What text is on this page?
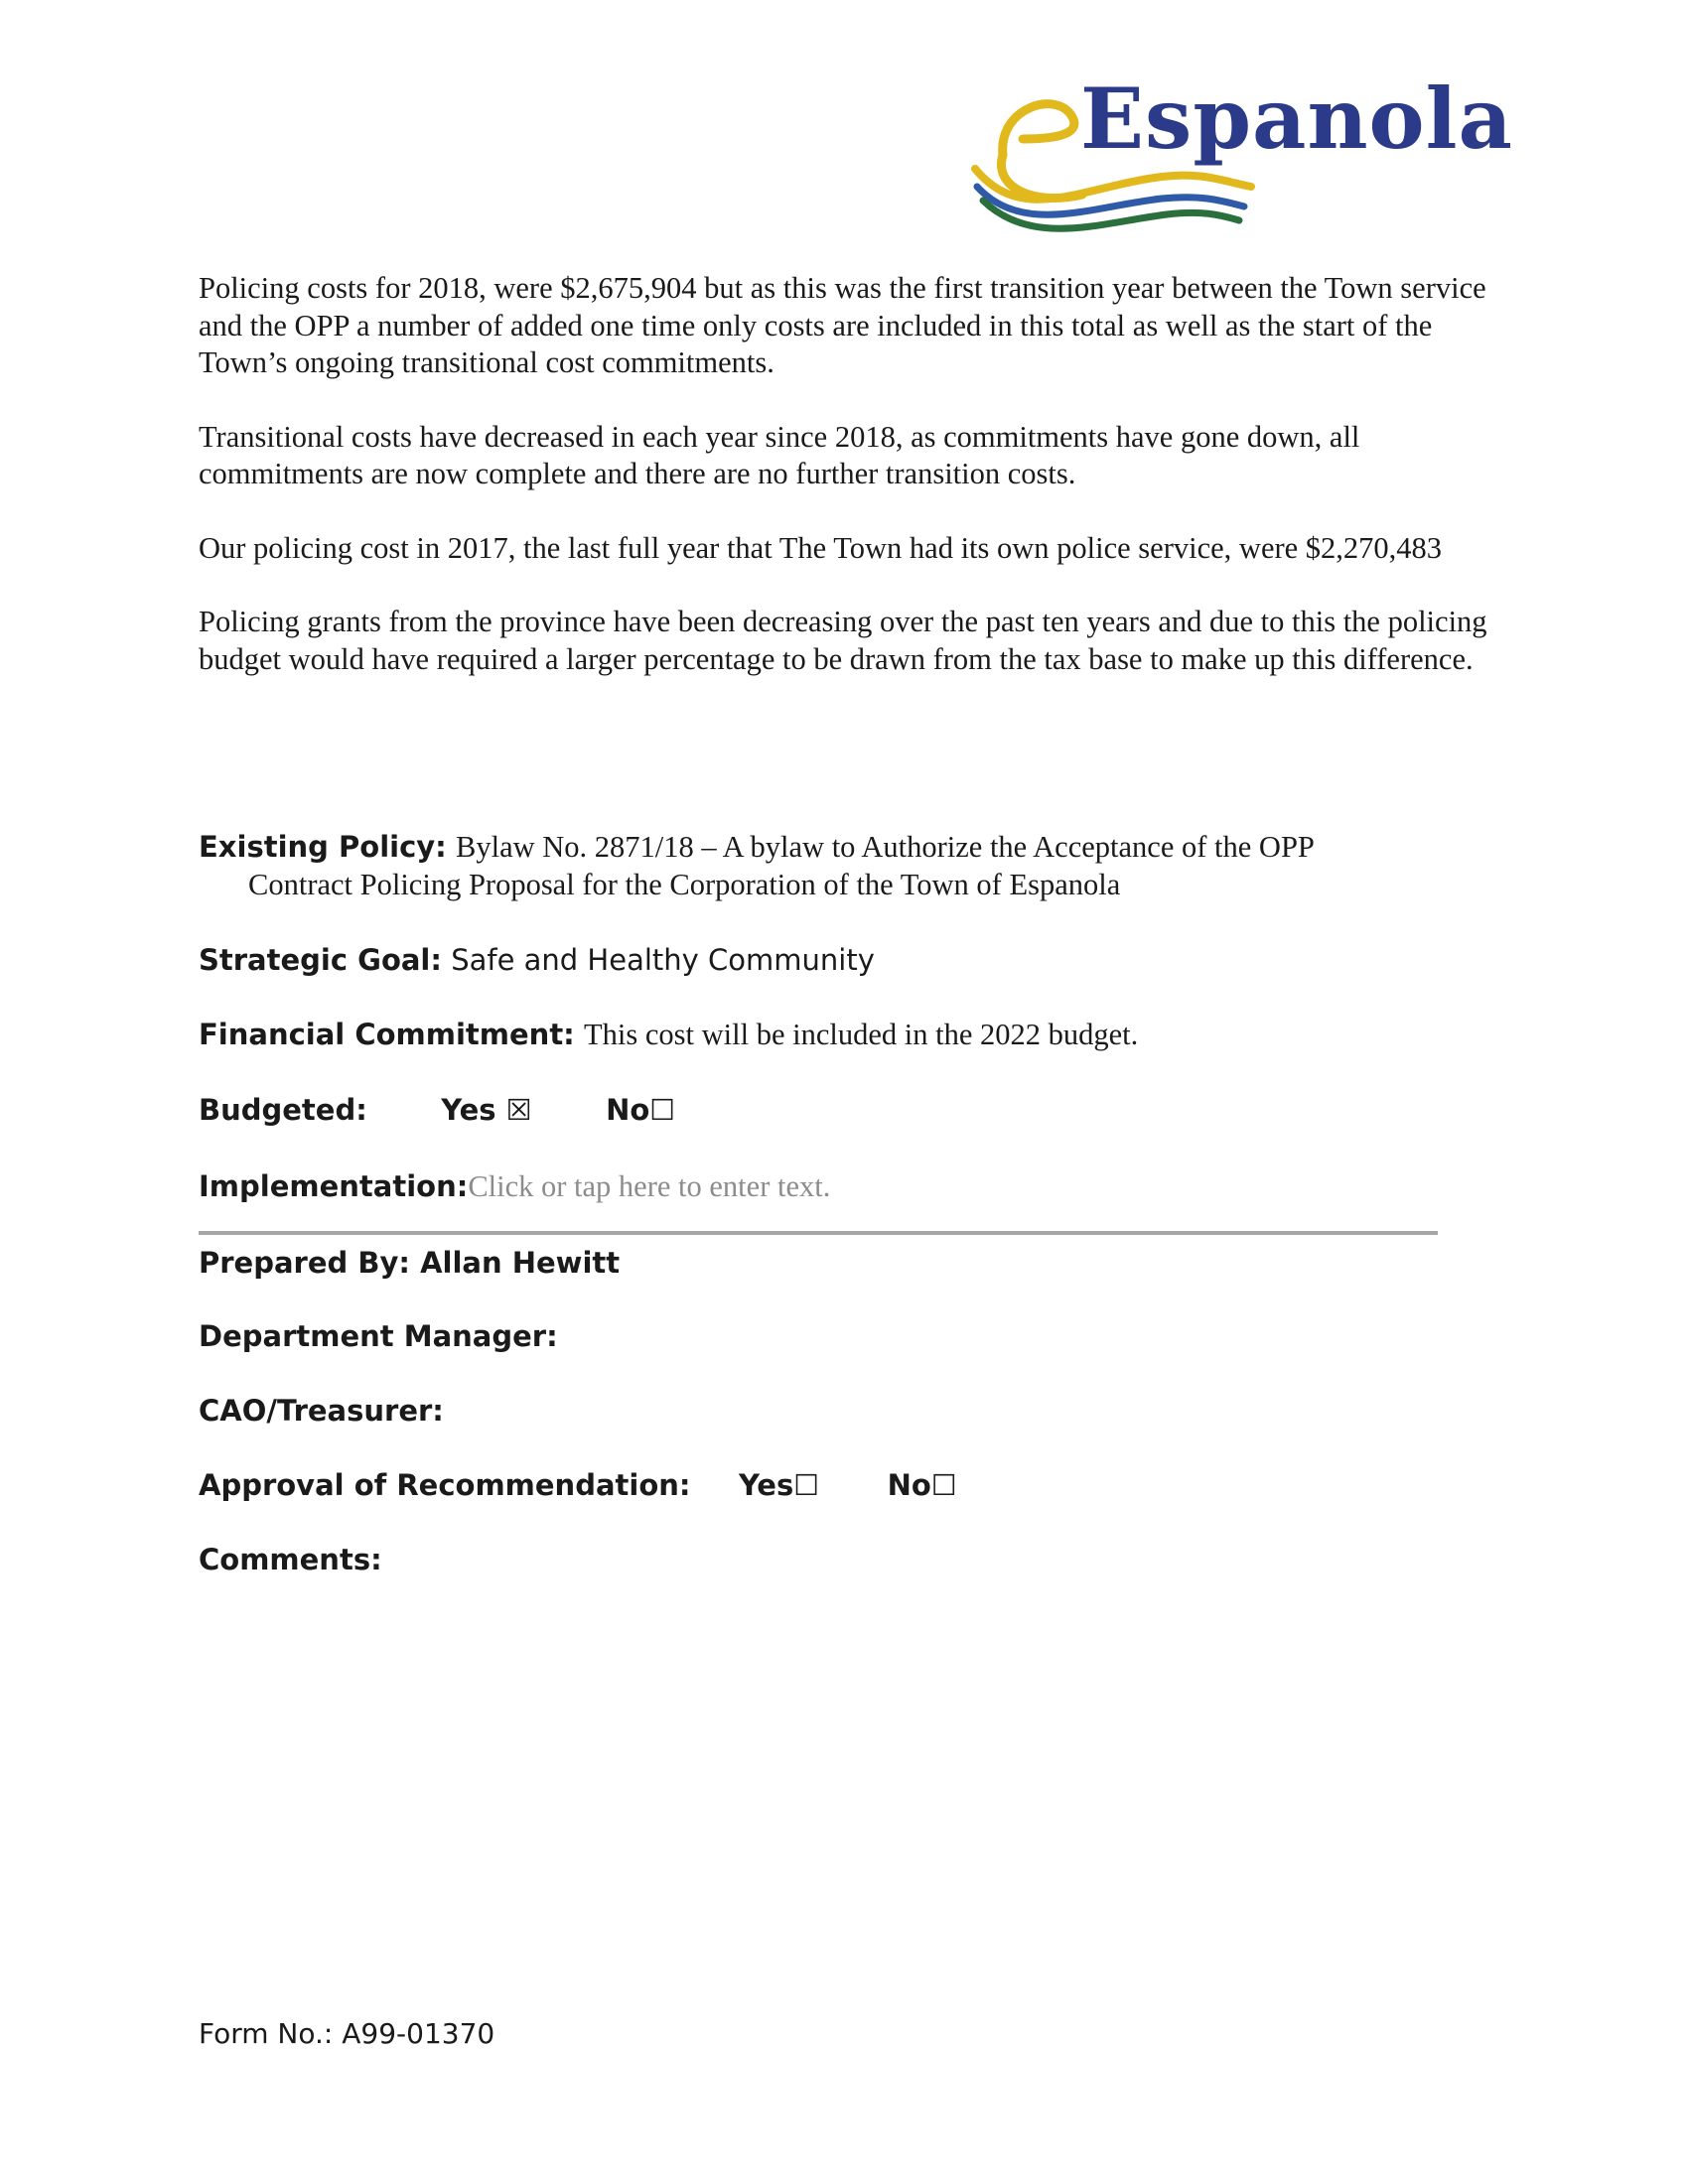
Espanola

Policing costs for 2018, were $2,675,904 but as this was the first transition year between the Town service and the OPP a number of added one time only costs are included in this total as well as the start of the Town’s ongoing transitional cost commitments.

Transitional costs have decreased in each year since 2018, as commitments have gone down, all commitments are now complete and there are no further transition costs.

Our policing cost in 2017, the last full year that The Town had its own police service, were $2,270,483

Policing grants from the province have been decreasing over the past ten years and due to this the policing budget would have required a larger percentage to be drawn from the tax base to make up this difference.

Existing Policy: Bylaw No. 2871/18 – A bylaw to Authorize the Acceptance of the OPP
Contract Policing Proposal for the Corporation of the Town of Espanola
Strategic Goal: Safe and Healthy Community
Financial Commitment: This cost will be included in the 2022 budget.
Budgeted:	Yes ☒	No☐
Implementation:Click or tap here to enter text.
Prepared By: Allan Hewitt
Department Manager:
CAO/Treasurer:
Approval of Recommendation: Yes☐ No☐
Comments:
Form No.: A99-01370
